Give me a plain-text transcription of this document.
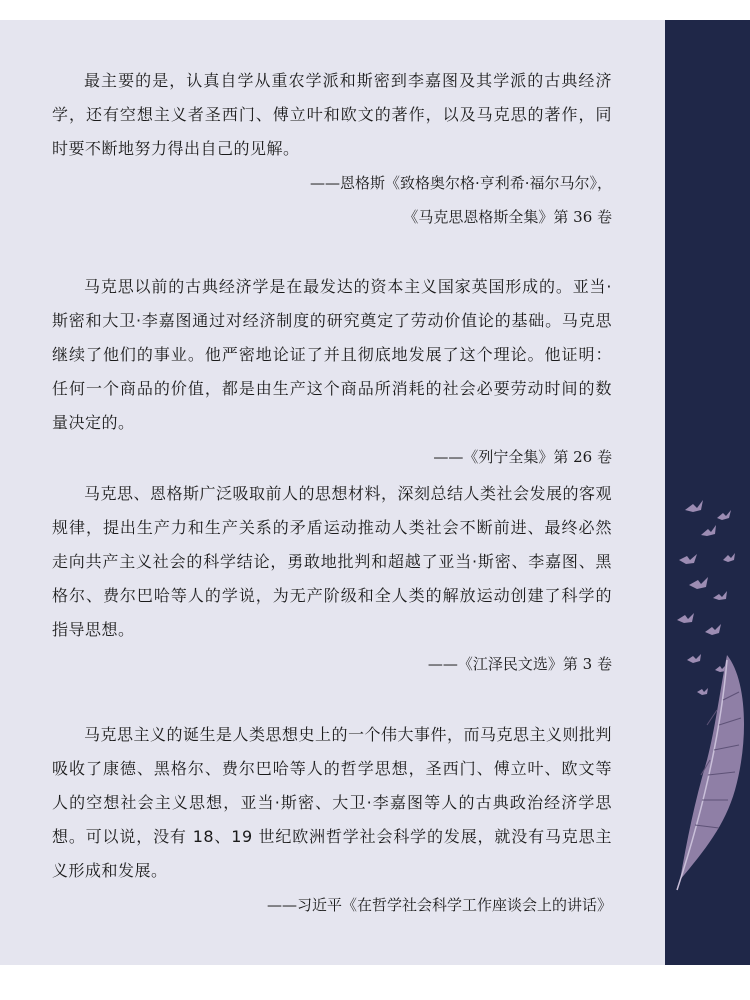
最主要的是，认真自学从重农学派和斯密到李嘉图及其学派的古典经济学，还有空想主义者圣西门、傅立叶和欧文的著作，以及马克思的著作，同时要不断地努力得出自己的见解。

——恩格斯《致格奥尔格·亨利希·福尔马尔》，

《马克思恩格斯全集》第 36 卷

马克思以前的古典经济学是在最发达的资本主义国家英国形成的。亚当·斯密和大卫·李嘉图通过对经济制度的研究奠定了劳动价值论的基础。马克思继续了他们的事业。他严密地论证了并且彻底地发展了这个理论。他证明：任何一个商品的价值，都是由生产这个商品所消耗的社会必要劳动时间的数量决定的。

——《列宁全集》第 26 卷

马克思、恩格斯广泛吸取前人的思想材料，深刻总结人类社会发展的客观规律，提出生产力和生产关系的矛盾运动推动人类社会不断前进、最终必然走向共产主义社会的科学结论，勇敢地批判和超越了亚当·斯密、李嘉图、黑格尔、费尔巴哈等人的学说，为无产阶级和全人类的解放运动创建了科学的指导思想。

——《江泽民文选》第 3 卷

马克思主义的诞生是人类思想史上的一个伟大事件，而马克思主义则批判吸收了康德、黑格尔、费尔巴哈等人的哲学思想，圣西门、傅立叶、欧文等人的空想社会主义思想，亚当·斯密、大卫·李嘉图等人的古典政治经济学思想。可以说，没有 18、19 世纪欧洲哲学社会科学的发展，就没有马克思主义形成和发展。

——习近平《在哲学社会科学工作座谈会上的讲话》
